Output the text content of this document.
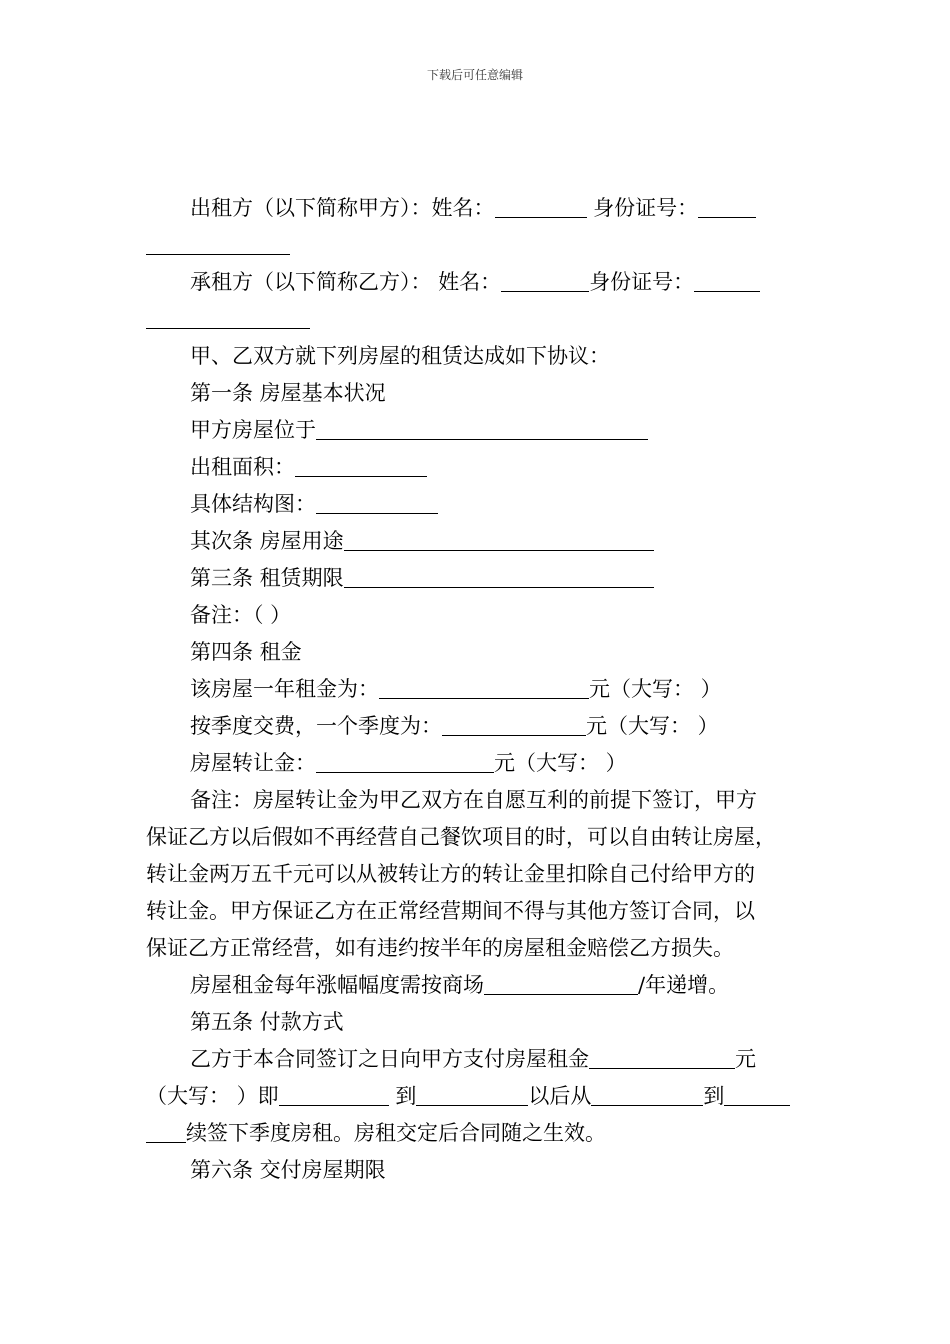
下载后可任意编辑
出租方（以下简称甲方）：姓名：	身份证号：
承租方（以下简称乙方）： 姓名：	身份证号：
甲、乙双方就下列房屋的租赁达成如下协议：
第一条 房屋基本状况
甲方房屋位于
出租面积：
具体结构图：
其次条 房屋用途
第三条 租赁期限
备注：（ ）
第四条 租金
该房屋一年租金为：	元（大写： ）
按季度交费，一个季度为：	元（大写： ）
房屋转让金：	元（大写： ）
备注：房屋转让金为甲乙双方在自愿互利的前提下签订，甲方
保证乙方以后假如不再经营自己餐饮项目的时，可以自由转让房屋，
转让金两万五千元可以从被转让方的转让金里扣除自己付给甲方的
转让金。甲方保证乙方在正常经营期间不得与其他方签订合同，以
保证乙方正常经营，如有违约按半年的房屋租金赔偿乙方损失。
房屋租金每年涨幅幅度需按商场	∕年递增。
第五条 付款方式
乙方于本合同签订之日向甲方支付房屋租金	元
（大写： ）即	到	以后从	到
续签下季度房租。房租交定后合同随之生效。
第六条 交付房屋期限
